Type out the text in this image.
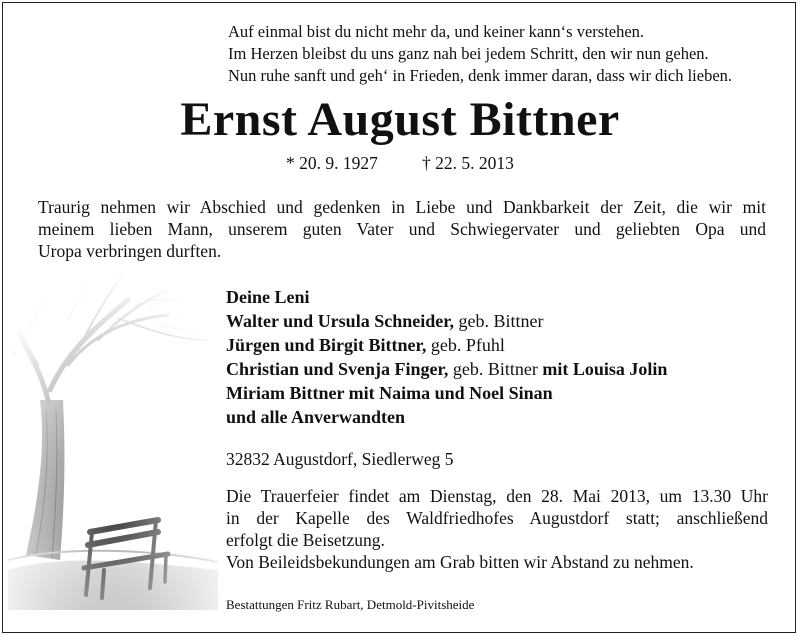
Auf einmal bist du nicht mehr da, und keiner kann‘s verstehen.
Im Herzen bleibst du uns ganz nah bei jedem Schritt, den wir nun gehen.
Nun ruhe sanft und geh‘ in Frieden, denk immer daran, dass wir dich lieben.
Ernst August Bittner
* 20. 9. 1927	† 22. 5. 2013
Traurig nehmen wir Abschied und gedenken in Liebe und Dankbarkeit der Zeit, die wir mit
meinem lieben Mann, unserem guten Vater und Schwiegervater und geliebten Opa und
Uropa verbringen durften.
Deine Leni
Walter und Ursula Schneider, geb. Bittner
Jürgen und Birgit Bittner, geb. Pfuhl
Christian und Svenja Finger, geb. Bittner mit Louisa Jolin
Miriam Bittner mit Naima und Noel Sinan
und alle Anverwandten
32832 Augustdorf, Siedlerweg 5
Die Trauerfeier findet am Dienstag, den 28. Mai 2013, um 13.30 Uhr
in der Kapelle des Waldfriedhofes Augustdorf statt; anschließend
erfolgt die Beisetzung.
Von Beileidsbekundungen am Grab bitten wir Abstand zu nehmen.
Bestattungen Fritz Rubart, Detmold-Pivitsheide
